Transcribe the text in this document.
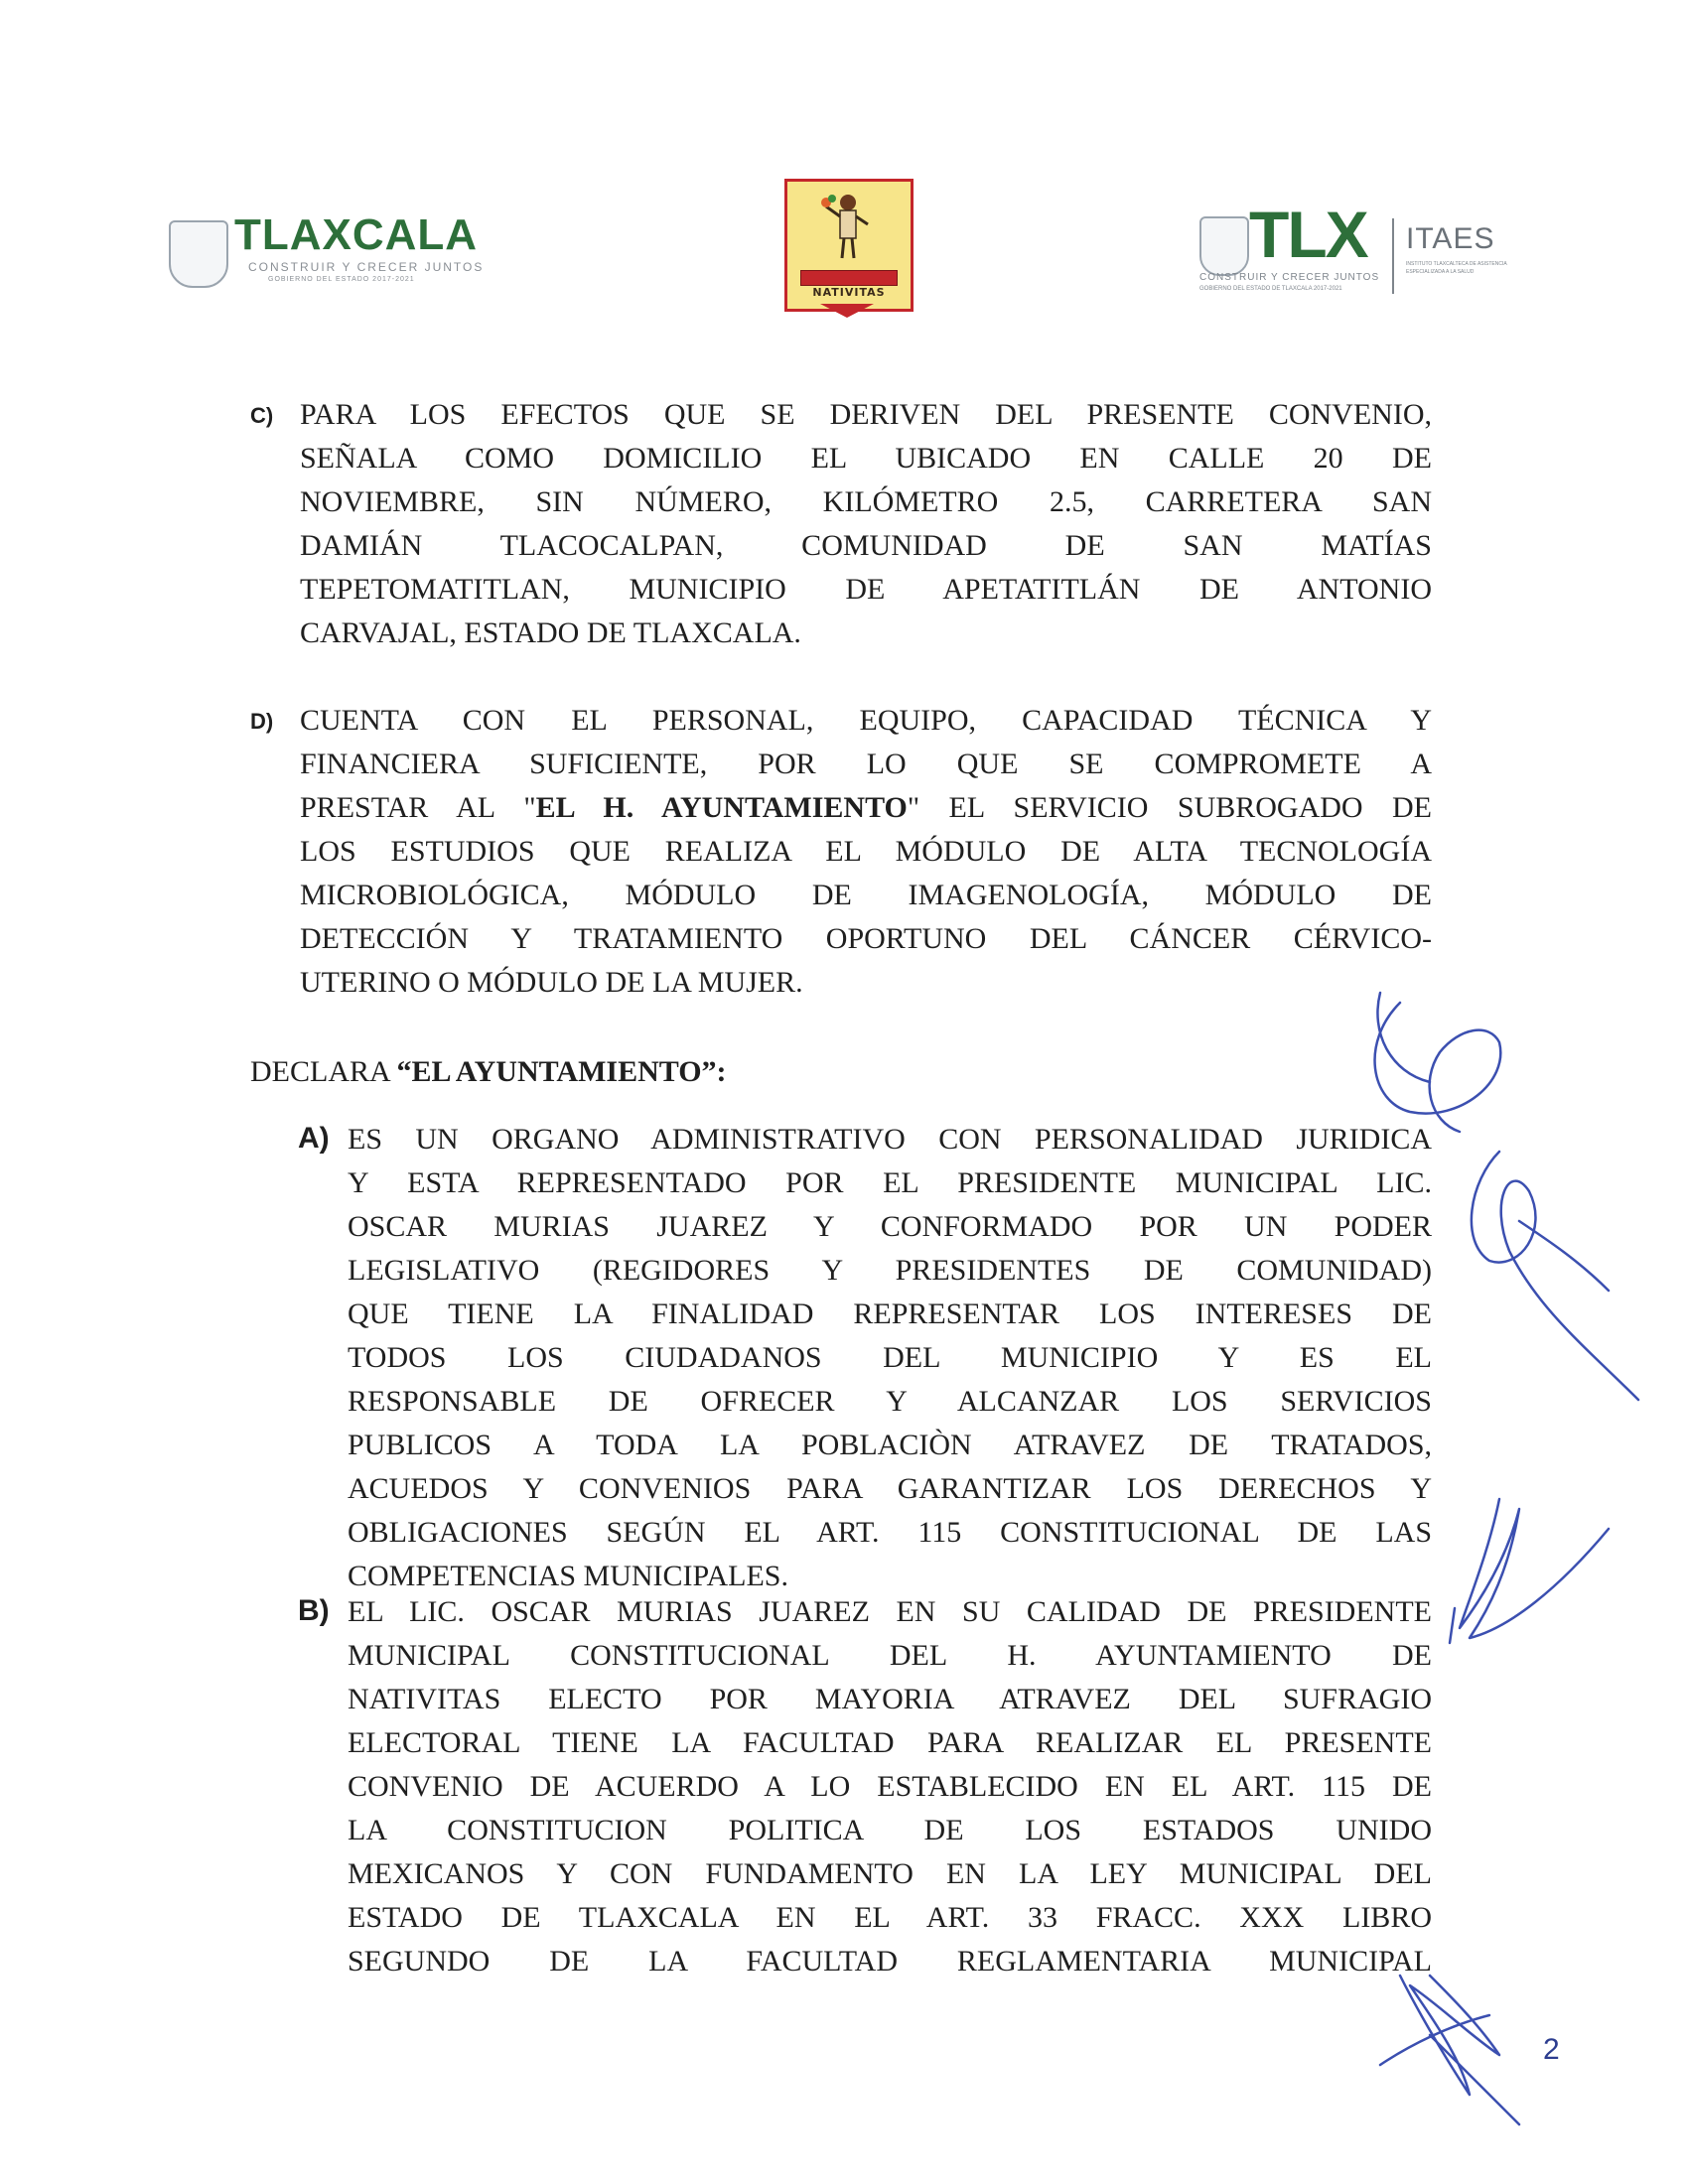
TLAXCALA
CONSTRUIR Y CRECER JUNTOS
GOBIERNO DEL ESTADO 2017-2021
NATIVITAS
TLX
CONSTRUIR Y CRECER JUNTOS
GOBIERNO DEL ESTADO DE TLAXCALA 2017-2021
ITAES
INSTITUTO TLAXCALTECA DE ASISTENCIA ESPECIALIZADA A LA SALUD
C) PARA LOS EFECTOS QUE SE DERIVEN DEL PRESENTE CONVENIO,
SEÑALA COMO DOMICILIO EL UBICADO EN CALLE 20 DE
NOVIEMBRE, SIN NÚMERO, KILÓMETRO 2.5, CARRETERA SAN
DAMIÁN TLACOCALPAN, COMUNIDAD DE SAN MATÍAS
TEPETOMATITLAN, MUNICIPIO DE APETATITLÁN DE ANTONIO
CARVAJAL, ESTADO DE TLAXCALA.
D) CUENTA CON EL PERSONAL, EQUIPO, CAPACIDAD TÉCNICA Y
FINANCIERA SUFICIENTE, POR LO QUE SE COMPROMETE A
PRESTAR AL "EL H. AYUNTAMIENTO" EL SERVICIO SUBROGADO DE
LOS ESTUDIOS QUE REALIZA EL MÓDULO DE ALTA TECNOLOGÍA
MICROBIOLÓGICA, MÓDULO DE IMAGENOLOGÍA, MÓDULO DE
DETECCIÓN Y TRATAMIENTO OPORTUNO DEL CÁNCER CÉRVICO-
UTERINO O MÓDULO DE LA MUJER.
DECLARA “EL AYUNTAMIENTO”:
A) ES UN ORGANO ADMINISTRATIVO CON PERSONALIDAD JURIDICA
Y ESTA REPRESENTADO POR EL PRESIDENTE MUNICIPAL LIC.
OSCAR MURIAS JUAREZ Y CONFORMADO POR UN PODER
LEGISLATIVO (REGIDORES Y PRESIDENTES DE COMUNIDAD)
QUE TIENE LA FINALIDAD REPRESENTAR LOS INTERESES DE
TODOS LOS CIUDADANOS DEL MUNICIPIO Y ES EL
RESPONSABLE DE OFRECER Y ALCANZAR LOS SERVICIOS
PUBLICOS A TODA LA POBLACIÒN ATRAVEZ DE TRATADOS,
ACUEDOS Y CONVENIOS PARA GARANTIZAR LOS DERECHOS Y
OBLIGACIONES SEGÚN EL ART. 115 CONSTITUCIONAL DE LAS
COMPETENCIAS MUNICIPALES.
B) EL LIC. OSCAR MURIAS JUAREZ EN SU CALIDAD DE PRESIDENTE
MUNICIPAL CONSTITUCIONAL DEL H. AYUNTAMIENTO DE
NATIVITAS ELECTO POR MAYORIA ATRAVEZ DEL SUFRAGIO
ELECTORAL TIENE LA FACULTAD PARA REALIZAR EL PRESENTE
CONVENIO DE ACUERDO A LO ESTABLECIDO EN EL ART. 115 DE
LA CONSTITUCION POLITICA DE LOS ESTADOS UNIDO
MEXICANOS Y CON FUNDAMENTO EN LA LEY MUNICIPAL DEL
ESTADO DE TLAXCALA EN EL ART. 33 FRACC. XXX LIBRO
SEGUNDO DE LA FACULTAD REGLAMENTARIA MUNICIPAL
2
